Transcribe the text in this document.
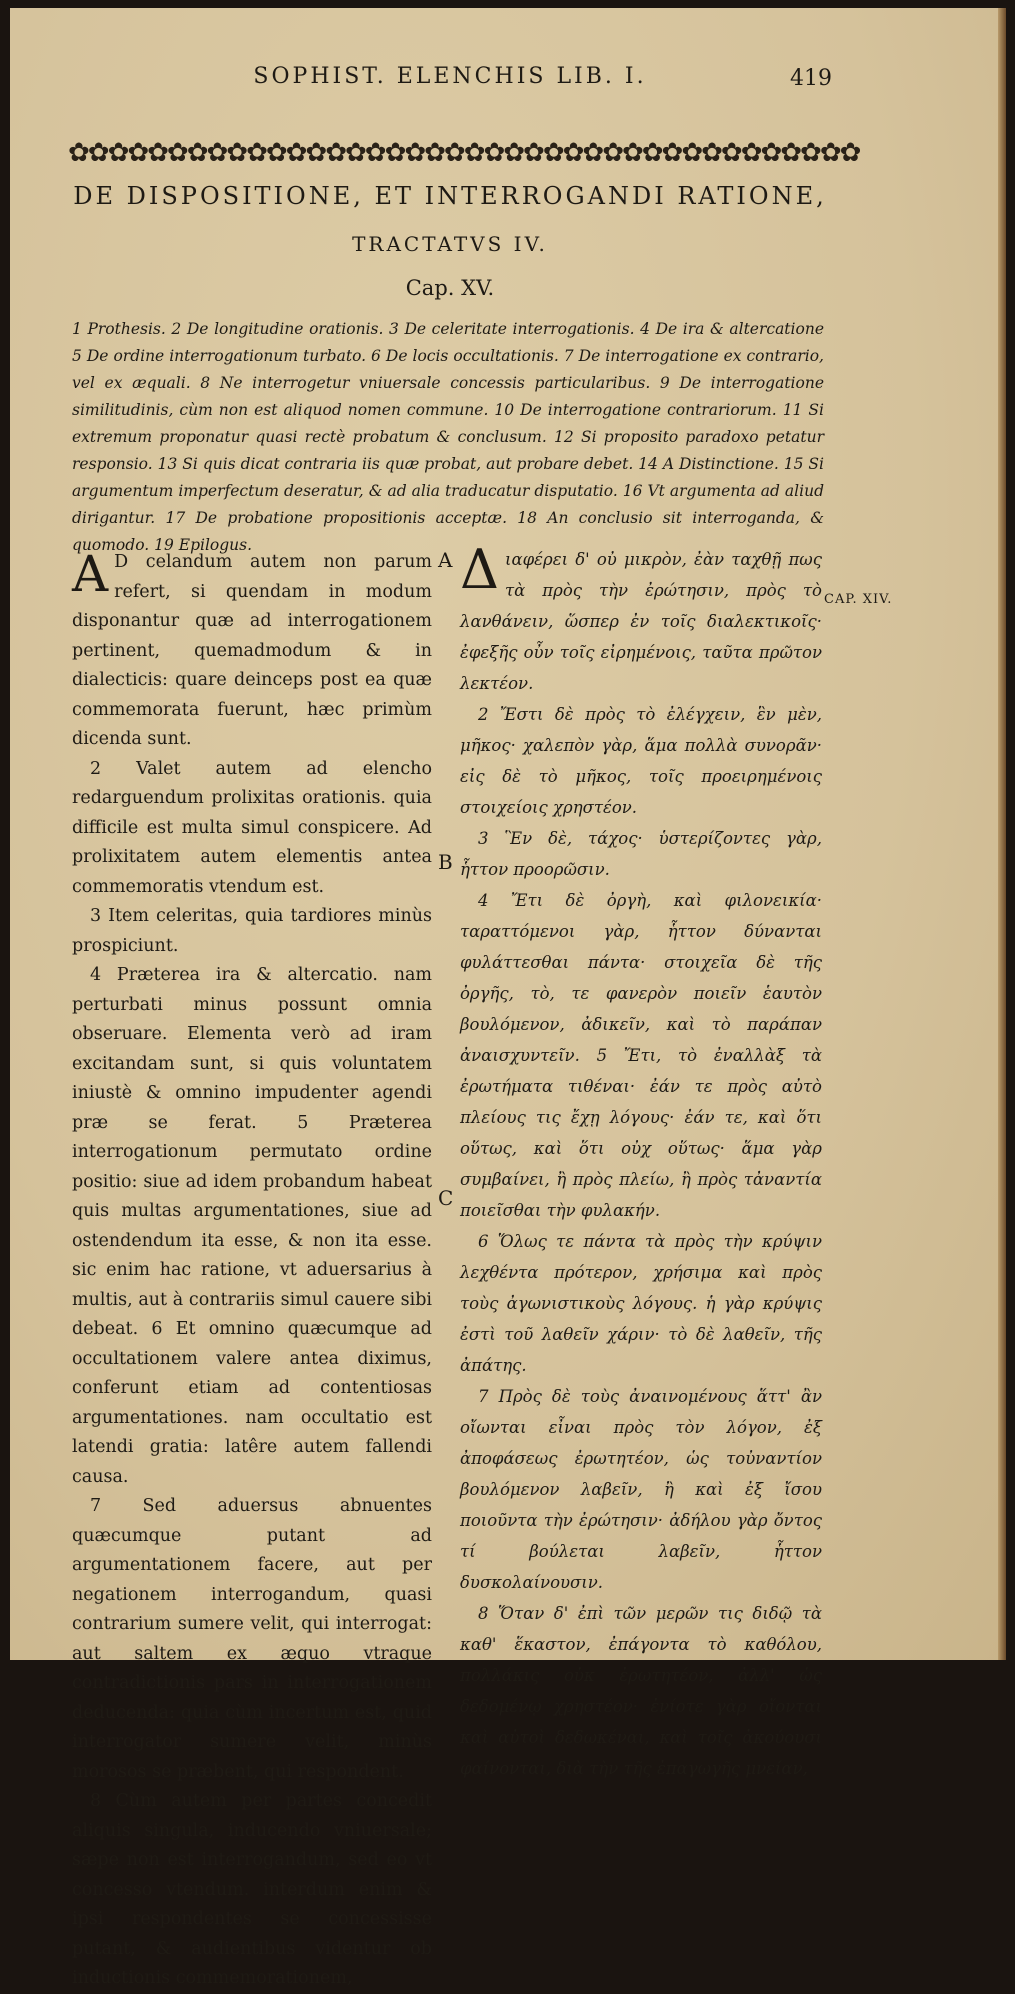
SOPHIST. ELENCHIS LIB. I.	419
✿✿✿✿✿✿✿✿✿✿✿✿✿✿✿✿✿✿✿✿✿✿✿✿✿✿✿✿✿✿✿✿✿✿✿✿✿✿✿✿
DE DISPOSITIONE, ET INTERROGANDI RATIONE,
TRACTATVS IV.
Cap. XV.
1 Prothesis. 2 De longitudine orationis. 3 De celeritate interrogationis. 4 De ira & altercatione 5 De ordine interrogationum turbato. 6 De locis occultationis. 7 De interrogatione ex contrario, vel ex æquali. 8 Ne interrogetur vniuersale concessis particularibus. 9 De interrogatione similitudinis, cùm non est aliquod nomen commune. 10 De interrogatione contrariorum. 11 Si extremum proponatur quasi rectè probatum & conclusum. 12 Si proposito paradoxo petatur responsio. 13 Si quis dicat contraria iis quæ probat, aut probare debet. 14 A Distinctione. 15 Si argumentum imperfectum deseratur, & ad alia traducatur disputatio. 16 Vt argumenta ad aliud dirigantur. 17 De probatione propositionis acceptæ. 18 An conclusio sit interroganda, & quomodo. 19 Epilogus.
A
B
C
CAP. XIV.

A D celandum autem non parum refert, si quendam in modum disponantur quæ ad interrogationem pertinent, quemadmodum & in dialecticis: quare deinceps post ea quæ commemorata fuerunt, hæc primùm dicenda sunt.

2 Valet autem ad elencho redarguendum prolixitas orationis. quia difficile est multa simul conspicere. Ad prolixitatem autem elementis antea commemoratis vtendum est.

3 Item celeritas, quia tardiores minùs prospiciunt.

4 Præterea ira & altercatio. nam perturbati minus possunt omnia obseruare. Elementa verò ad iram excitandam sunt, si quis voluntatem iniustè & omnino impudenter agendi præ se ferat. 5 Præterea interrogationum permutato ordine positio: siue ad idem probandum habeat quis multas argumentationes, siue ad ostendendum ita esse, & non ita esse. sic enim hac ratione, vt aduersarius à multis, aut à contrariis simul cauere sibi debeat. 6 Et omnino quæcumque ad occultationem valere antea diximus, conferunt etiam ad contentiosas argumentationes. nam occultatio est latendi gratia: latêre autem fallendi causa.

7 Sed aduersus abnuentes quæcumque putant ad argumentationem facere, aut per negationem interrogandum, quasi contrarium sumere velit, qui interrogat: aut saltem ex æquo vtraque contradictionis pars in interrogationem deducenda: quia cùm incertum est, quid interrogator sumere velit, minùs morosos se præbent, qui respondent.

8 Cùm autem per partes concedit aliquis singula, inducendo vniuersale; sæpe non est interrogandum, sed eo vt concesso vtendum. interdum enim & ipsi respondentes se concessisse putant, & audientibus videntur ob inductionis commemorationem,

Διαφέρει δ' οὐ μικρὸν, ἐὰν ταχθῇ πως τὰ πρὸς τὴν ἐρώτησιν, πρὸς τὸ λανθάνειν, ὥσπερ ἐν τοῖς διαλεκτικοῖς· ἐφεξῆς οὖν τοῖς εἰρημένοις, ταῦτα πρῶτον λεκτέον.

2 Ἔστι δὲ πρὸς τὸ ἐλέγχειν, ἓν μὲν, μῆκος· χαλεπὸν γὰρ, ἅμα πολλὰ συνορᾶν· εἰς δὲ τὸ μῆκος, τοῖς προειρημένοις στοιχείοις χρηστέον.

3 Ἓν δὲ, τάχος· ὑστερίζοντες γὰρ, ἧττον προορῶσιν.

4 Ἔτι δὲ ὀργὴ, καὶ φιλονεικία· ταραττόμενοι γὰρ, ἧττον δύνανται φυλάττεσθαι πάντα· στοιχεῖα δὲ τῆς ὀργῆς, τὸ, τε φανερὸν ποιεῖν ἑαυτὸν βουλόμενον, ἀδικεῖν, καὶ τὸ παράπαν ἀναισχυντεῖν. 5 Ἔτι, τὸ ἐναλλὰξ τὰ ἐρωτήματα τιθέναι· ἐάν τε πρὸς αὐτὸ πλείους τις ἔχῃ λόγους· ἐάν τε, καὶ ὅτι οὕτως, καὶ ὅτι οὐχ οὕτως· ἅμα γὰρ συμβαίνει, ἢ πρὸς πλείω, ἢ πρὸς τἀναντία ποιεῖσθαι τὴν φυλακήν.

6 Ὅλως τε πάντα τὰ πρὸς τὴν κρύψιν λεχθέντα πρότερον, χρήσιμα καὶ πρὸς τοὺς ἀγωνιστικοὺς λόγους. ἡ γὰρ κρύψις ἐστὶ τοῦ λαθεῖν χάριν· τὸ δὲ λαθεῖν, τῆς ἀπάτης.

7 Πρὸς δὲ τοὺς ἀναινομένους ἅττ' ἂν οἴωνται εἶναι πρὸς τὸν λόγον, ἐξ ἀποφάσεως ἐρωτητέον, ὡς τοὐναντίον βουλόμενον λαβεῖν, ἢ καὶ ἐξ ἴσου ποιοῦντα τὴν ἐρώτησιν· ἀδήλου γὰρ ὄντος τί βούλεται λαβεῖν, ἧττον δυσκολαίνουσιν.

8 Ὅταν δ' ἐπὶ τῶν μερῶν τις διδῷ τὰ καθ' ἕκαστον, ἐπάγοντα τὸ καθόλου, πολλάκις οὐκ ἐρωτητέον, ἀλλ' ὡς δεδομένῳ χρηστέον· ἐνίοτε γὰρ οἴονται καὶ αὐτοὶ δεδωκέναι, καὶ τοῖς ἀκούουσι φαίνονται, διὰ τὴν τῆς ἐπαγωγῆς μνείαν,
